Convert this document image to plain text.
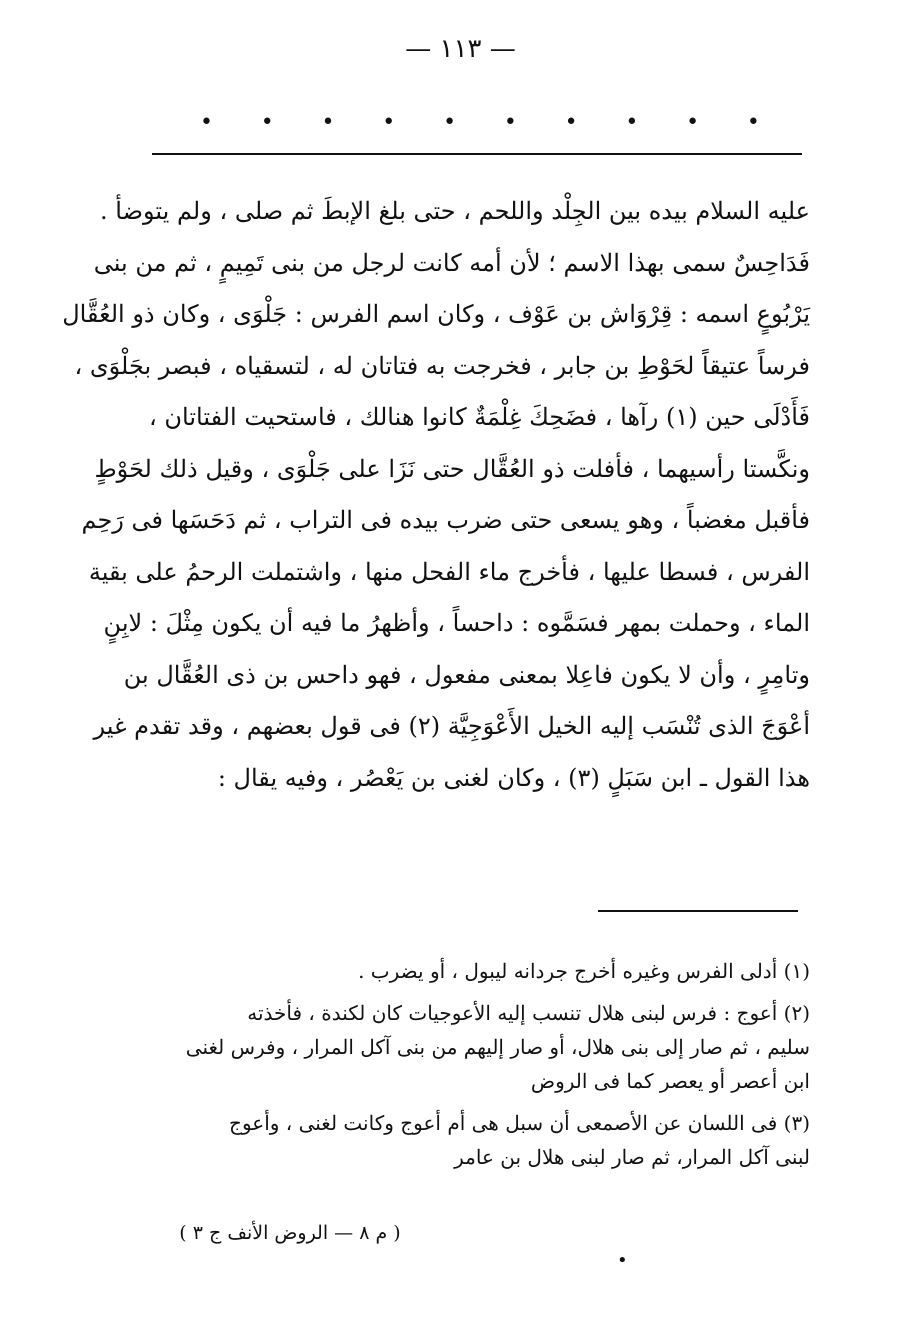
— ١١٣ —
• • • • • • • • • •
عليه السلام بيده بين الجِلْد واللحم ، حتى بلغ الإبطَ ثم صلى ، ولم يتوضأ .
فَدَاحِسٌ سمى بهذا الاسم ؛ لأن أمه كانت لرجل من بنى تَمِيمٍ ، ثم من بنى
يَرْبُوعٍ اسمه : قِرْوَاش بن عَوْف ، وكان اسم الفرس : جَلْوَى ، وكان ذو العُقَّال
فرساً عتيقاً لحَوْطِ بن جابر ، فخرجت به فتاتان له ، لتسقياه ، فبصر بجَلْوَى ،
فَأَدْلَى حين (١) رآها ، فضَحِكَ غِلْمَةٌ كانوا هنالك ، فاستحيت الفتاتان ،
ونكَّستا رأسيهما ، فأفلت ذو العُقَّال حتى نَزَا على جَلْوَى ، وقيل ذلك لحَوْطٍ
فأقبل مغضباً ، وهو يسعى حتى ضرب بيده فى التراب ، ثم دَحَسَها فى رَحِم
الفرس ، فسطا عليها ، فأخرج ماء الفحل منها ، واشتملت الرحمُ على بقية
الماء ، وحملت بمهر فسَمَّوه : داحساً ، وأظهرُ ما فيه أن يكون مِثْلَ : لابِنٍ
وتامِرٍ ، وأن لا يكون فاعِلا بمعنى مفعول ، فهو داحس بن ذى العُقَّال بن
أعْوَجَ الذى تُنْسَب إليه الخيل الأَعْوَجِيَّة (٢) فى قول بعضهم ، وقد تقدم غير
هذا القول ـ ابن سَبَلٍ (٣) ، وكان لغنى بن يَعْصُر ، وفيه يقال :
(١) أدلى الفرس وغيره أخرج جردانه ليبول ، أو يضرب .
(٢) أعوج : فرس لبنى هلال تنسب إليه الأعوجيات كان لكندة ، فأخذته
سليم ، ثم صار إلى بنى هلال، أو صار إليهم من بنى آكل المرار ، وفرس لغنى
ابن أعصر أو يعصر كما فى الروض
(٣) فى اللسان عن الأصمعى أن سبل هى أم أعوج وكانت لغنى ، وأعوج
لبنى آكل المرار، ثم صار لبنى هلال بن عامر
( م ٨ — الروض الأنف ج ٣ )
•
